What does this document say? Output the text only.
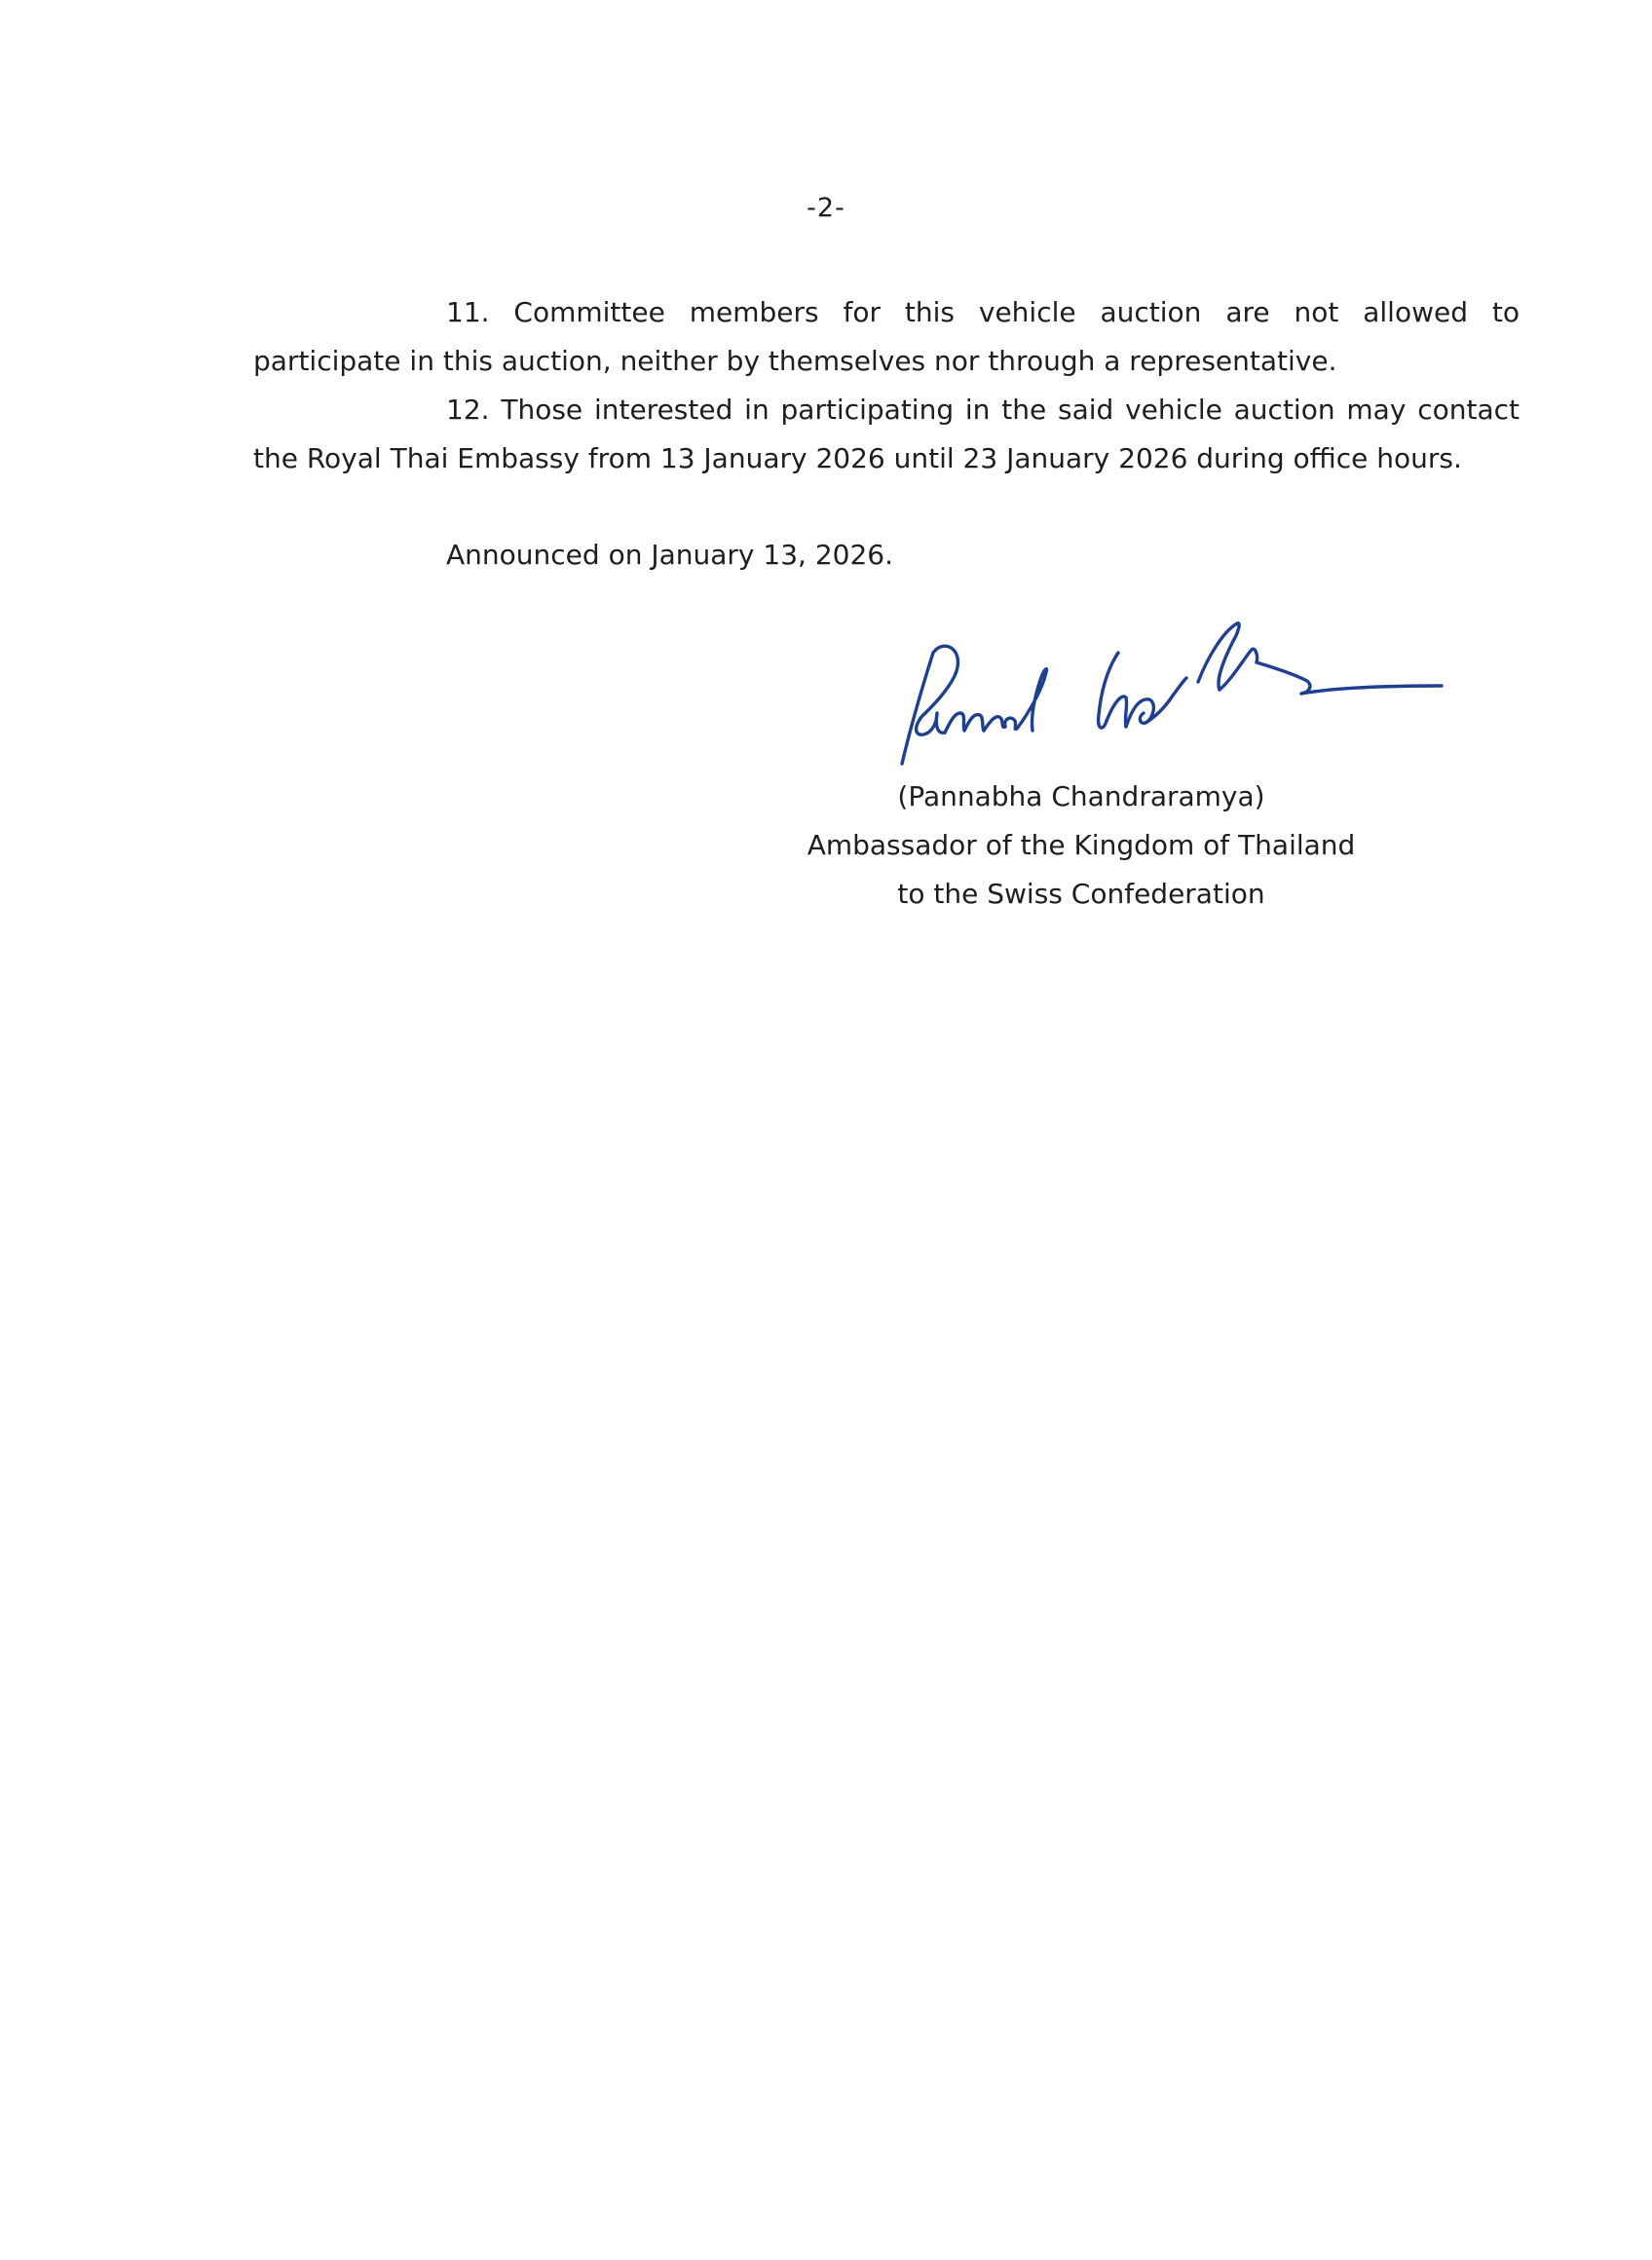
-2-

11. Committee members for this vehicle auction are not allowed to participate in this auction, neither by themselves nor through a representative.

12. Those interested in participating in the said vehicle auction may contact the Royal Thai Embassy from 13 January 2026 until 23 January 2026 during office hours.

Announced on January 13, 2026.
(Pannabha Chandraramya)
Ambassador of the Kingdom of Thailand
to the Swiss Confederation
